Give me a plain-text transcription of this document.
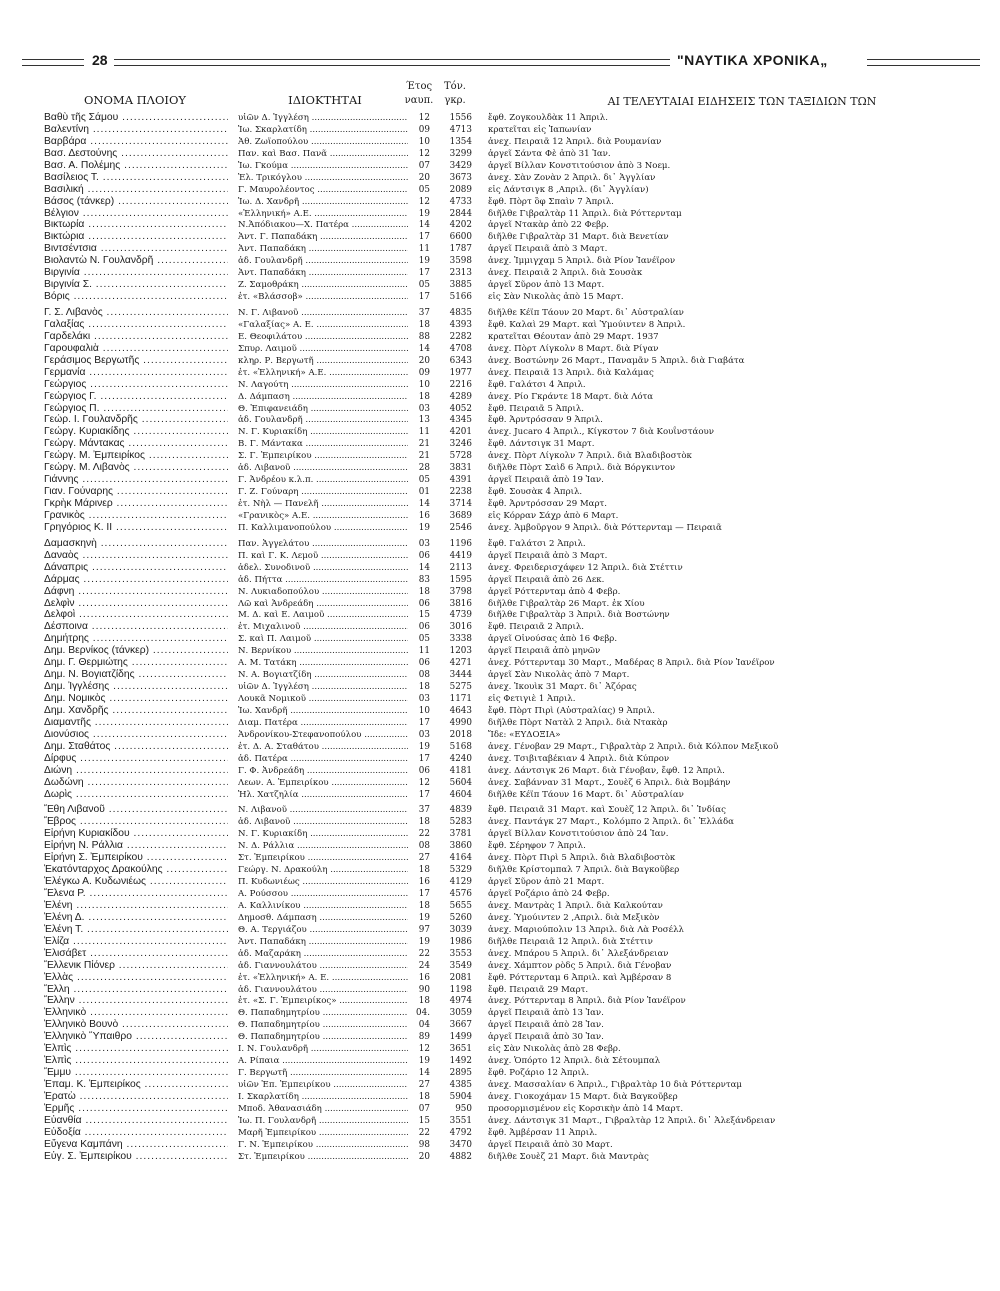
28	"ΝΑΥΤΙΚΑ ΧΡΟΝΙΚΑ„
ΟΝΟΜΑ ΠΛΟΙΟΥ	ΙΔΙΟΚΤΗΤΑΙ
Έτος ναυπ.
Τόν. γκρ.	ΑΙ ΤΕΛΕΥΤΑΙΑΙ ΕΙΔΗΣΕΙΣ ΤΩΝ ΤΑΞΙΔΙΩΝ ΤΩΝ
Βαθὺ τῆς Σάμου .....	υἱῶν Δ. Ἰγγλέση .....	12	1556 ἔφθ. Ζογκουλδὰκ 11 Ἀπριλ.
Βαλεντίνη .....	Ἰω. Σκαρλατίδη .....	09	4713 κρατεῖται εἰς Ἰαπωνίαν
Βαρβάρα .....	Ἀθ. Ζωϊοπούλου .....	10	1354 ἀνεχ. Πειραιᾶ 12 Ἀπριλ. διὰ Ρουμανίαν
Βασ. Δεστούνης .....	Παν. καὶ Βασ. Πανᾶ .....	12	3299 ἀργεῖ Σάντα Φὲ ἀπὸ 31 Ἰαν.
Βασ. Α. Πολέμης .....	Ἰω. Γκούμα .....	07	3429 ἀργεῖ Βίλλαν Κονστιτούσιον ἀπὸ 3 Νοεμ.
Βασίλειος Τ. .....	Ἐλ. Τρικόγλου .....	20	3673 ἀνεχ. Σὰν Ζονὰν 2 Ἀπριλ. δι᾽ Ἀγγλίαν
Βασιλική .....	Γ. Μαυρολέοντος .....	05	2089 εἰς Δάντσιγκ 8 ,Απριλ. (δι᾽ Ἀγγλίαν)
Βάσος (τάνκερ) .....	Ἰω. Δ. Χανδρῆ .....	12	4733 ἔφθ. Πὸρτ ὂφ Σπαὶν 7 Ἀπριλ.
Βέλγιον .....	«Ἑλληνική» Α.Ε. .....	19	2844 διῆλθε Γιβραλτὰρ 11 Ἀπριλ. διὰ Ρόττερνταμ
Βικτωρία .....	Ν.Ἀπόδιακου—Χ. Πατέρα .....	14	4202 ἀργεῖ Ντακὰρ ἀπὸ 22 Φεβρ.
Βικτώρια .....	Ἀντ. Γ. Παπαδάκη .....	17	6600 διῆλθε Γιβραλτὰρ 31 Μαρτ. διὰ Βενετίαν
Βιντσέντσια .....	Ἀντ. Παπαδάκη .....	11	1787 ἀργεῖ Πειραιᾶ ἀπὸ 3 Μαρτ.
Βιολαντὼ Ν. Γουλανδρῆ .....	ἀδ. Γουλανδρῆ .....	19	3598 ἀνεχ. Ἰμμιγχαμ 5 Ἀπριλ. διὰ Ρίον Ἰανέϊρον
Βιργινία .....	Ἀντ. Παπαδάκη .....	17	2313 ἀνεχ. Πειραιᾶ 2 Ἀπριλ. διὰ Σουσὰκ
Βιργινία Σ. .....	Ζ. Σαμοθράκη .....	05	3885 ἀργεῖ Σῦρον ἀπὸ 13 Μαρτ.
Βόρις .....	ἐτ. «Βλάσσοβ» .....	17	5166 εἰς Σὰν Νικολὰς ἀπὸ 15 Μαρτ.
Γ. Σ. Λιβανὸς .....	Ν. Γ. Λιβανοῦ .....	37	4835 διῆλθε Κέϊπ Τάουν 20 Μαρτ. δι᾽ Αὐστραλίαν
Γαλαξίας .....	«Γαλαξίας» Α. Ε. .....	18	4393 ἔφθ. Καλαὶ 29 Μαρτ. καὶ Ὑμούιντεν 8 Ἀπριλ.
Γαρδελάκι .....	Ε. Θεοφιλάτου .....	88	2282 κρατεῖται Θέουταν ἀπὸ 29 Μαρτ. 1937
Γαρουφαλιὰ .....	Σπυρ. Λαιμοῦ .....	14	4708 ἀνεχ. Πὸρτ Λίγκολν 8 Μαρτ. διὰ Ρίγαν
Γεράσιμος Βεργωτῆς .....	κληρ. Ρ. Βεργωτῆ .....	20	6343 ἀνεχ. Βοστώνην 26 Μαρτ., Παναμᾶν 5 Ἀπριλ. διὰ Γιαβάτα
Γερμανία .....	ἐτ. «Ἑλληνική» Α.Ε. .....	09	1977 ἀνεχ. Πειραιᾶ 13 Ἀπριλ. διὰ Καλάμας
Γεώργιος .....	Ν. Λαγούτη .....	10	2216 ἔφθ. Γαλάτσι 4 Ἀπριλ.
Γεώργιος Γ. .....	Δ. Δάμπαση .....	18	4289 ἀνεχ. Ρίο Γκράντε 18 Μαρτ. διὰ Λότα
Γεώργιος Π. .....	Θ. Ἐπιφανειάδη .....	03	4052 ἔφθ. Πειραιᾶ 5 Ἀπριλ.
Γεώρ. Ι. Γουλανδρῆς .....	ἀδ. Γουλανδρῆ .....	13	4345 ἔφθ. Ἀρντρόσσαν 9 Ἀπριλ.
Γεώργ. Κυριακίδης .....	Ν. Γ. Κυριακίδη .....	11	4201 ἀνεχ. Jucaro 4 Ἀπριλ., Κίγκστον 7 διὰ Κουΐνστάουν
Γεώργ. Μάντακας .....	Β. Γ. Μάντακα .....	21	3246 ἔφθ. Δάντσιγκ 31 Μαρτ.
Γεώργ. Μ. Ἐμπειρίκος .....	Σ. Γ. Ἐμπειρίκου .....	21	5728 ἀνεχ. Πὸρτ Λίγκολν 7 Ἀπριλ. διὰ Βλαδιβοστὸκ
Γεώργ. Μ. Λιβανὸς .....	ἀδ. Λιβανοῦ .....	28	3831 διῆλθε Πὸρτ Σαὶδ 6 Ἀπριλ. διὰ Βόργκιντον
Γιάννης .....	Γ. Ἀνδρέου κ.λ.π. .....	05	4391 ἀργεῖ Πειραιᾶ ἀπὸ 19 Ἰαν.
Γιαν. Γούναρης .....	Γ. Ζ. Γούναρη .....	01	2238 ἔφθ. Σουσὰκ 4 Ἀπριλ.
Γκρὴκ Μάρινερ .....	ἐτ. Νὴλ — Πανελῆ .....	14	3714 ἔφθ. Ἀρντρόσσαν 29 Μαρτ.
Γρανικὸς .....	«Γρανικὸς» Α.Ε. .....	16	3689 εἰς Κόρραν Σάχρ ἀπὸ 6 Μαρτ.
Γρηγόριος Κ. ΙΙ .....	Π. Καλλιμανοπούλου .....	19	2546 ἀνεχ. Ἀμβοῦργον 9 Ἀπριλ. διὰ Ρόττερνταμ — Πειραιᾶ
Δαμασκηνὴ .....	Παν. Ἀγγελάτου .....	03	1196 ἔφθ. Γαλάτσι 2 Ἀπριλ.
Δαναὸς .....	Π. καὶ Γ. Κ. Λεμοῦ .....	06	4419 ἀργεῖ Πειραιᾶ ἀπὸ 3 Μαρτ.
Δάναπρις .....	ἀδελ. Συνοδινοῦ .....	14	2113 ἀνεχ. Φρειδερισχάφεν 12 Ἀπριλ. διὰ Στέττιν
Δάρμας .....	ἀδ. Πήττα .....	83	1595 ἀργεῖ Πειραιᾶ ἀπὸ 26 Δεκ.
Δάφνη .....	Ν. Λυκιαδοπούλου .....	18	3798 ἀργεῖ Ρόττερνταμ ἀπὸ 4 Φεβρ.
Δελφὶν .....	Λῶ καὶ Ἀνδρεάδη .....	06	3816 διῆλθε Γιβραλτὰρ 26 Μαρτ. ἐκ Χίου
Δελφοὶ .....	Μ. Δ. καὶ Ε. Λαιμοῦ .....	15	4739 διῆλθε Γιβραλτὰρ 3 Ἀπριλ. διὰ Βοστώνην
Δέσποινα .....	ἐτ. Μιχαλινοῦ .....	06	3016 ἔφθ. Πειραιᾶ 2 Ἀπριλ.
Δημήτρης .....	Σ. καὶ Π. Λαιμοῦ .....	05	3338 ἀργεῖ Οἰνούσας ἀπὸ 16 Φεβρ.
Δημ. Βερνίκος (τάνκερ) .....	Ν. Βερνίκου .....	11	1203 ἀργεῖ Πειραιᾶ ἀπὸ μηνῶν
Δημ. Γ. Θερμιώτης .....	Α. Μ. Τατάκη .....	06	4271 ἀνεχ. Ρόττερνταμ 30 Μαρτ., Μαδέρας 8 Ἀπριλ. διὰ Ρίον Ἰανέϊρον
Δημ. Ν. Βογιατζίδης .....	Ν. Α. Βογιατζίδη .....	08	3444 ἀργεῖ Σὰν Νικολὰς ἀπὸ 7 Μαρτ.
Δημ. Ἰγγλέσης .....	υἱῶν Δ. Ἰγγλέση .....	18	5275 ἀνεχ. Ἰκουὶκ 31 Μαρτ. δι᾽ Ἀζόρας
Δημ. Νομικὸς .....	Λουκᾶ Νομικοῦ .....	03	1171 εἰς Φετιγιὲ 1 Ἀπριλ.
Δημ. Χανδρῆς .....	Ἰω. Χανδρῆ .....	10	4643 ἔφθ. Πὸρτ Πιρὶ (Αὐστραλίας) 9 Ἀπριλ.
Διαμαντῆς .....	Διαμ. Πατέρα .....	17	4990 διῆλθε Πὸρτ Νατὰλ 2 Ἀπριλ. διὰ Ντακὰρ
Διονύσιος .....	Ἀνδρονίκου-Στεφανοπούλου .....	03	2018 Ἴδε: «ΕΥΔΟΞΙΑ»
Δημ. Σταθάτος .....	ἐτ. Δ. Α. Σταθάτου .....	19	5168 ἀνεχ. Γένοβαν 29 Μαρτ., Γιβραλτὰρ 2 Ἀπριλ. διὰ Κόλπον Μεξικοῦ
Δίρφυς .....	ἀδ. Πατέρα .....	17	4240 ἀνεχ. Τσιβιταβέκιαν 4 Ἀπριλ. διὰ Κύπρον
Διώνη .....	Γ. Φ. Ἀνδρεάδη .....	06	4181 ἀνεχ. Δάντσιγκ 26 Μαρτ. διὰ Γένοβαν, ἔφθ. 12 Ἀπριλ.
Δωδώνη .....	Λεων. Α. Ἐμπειρίκου .....	12	5604 ἀνεχ. Σαβάνναν 31 Μαρτ., Σουὲζ 6 Ἀπριλ. διὰ Βομβάην
Δωρὶς .....	Ἡλ. Χατζηλία .....	17	4604 διῆλθε Κέϊπ Τάουν 16 Μαρτ. δι᾽ Αὐστραλίαν
Ἔθη Λιβανοῦ .....	Ν. Λιβανοῦ .....	37	4839 ἔφθ. Πειραιᾶ 31 Μαρτ. καὶ Σουὲζ 12 Ἀπριλ. δι᾽ Ἰνδίας
Ἔβρος .....	ἀδ. Λιβανοῦ .....	18	5283 ἀνεχ. Παντάγκ 27 Μαρτ., Κολόμπο 2 Ἀπριλ. δι᾽ Ἑλλάδα
Εἰρήνη Κυριακίδου .....	Ν. Γ. Κυριακίδη .....	22	3781 ἀργεῖ Βίλλαν Κονστιτούσιον ἀπὸ 24 Ἰαν.
Εἰρήνη Ν. Ράλλια .....	Ν. Δ. Ράλλια .....	08	3860 ἔφθ. Σέρηφον 7 Ἀπριλ.
Εἰρήνη Σ. Ἐμπειρίκου .....	Στ. Ἐμπειρίκου .....	27	4164 ἀνεχ. Πὸρτ Πιρὶ 5 Ἀπριλ. διὰ Βλαδιβοστὸκ
Ἑκατόνταρχος Δρακούλης .....	Γεώργ. Ν. Δρακούλη .....	18	5329 διῆλθε Κρίστομπαλ 7 Ἀπριλ. διὰ Βαγκοῦβερ
Ἐλέγκω Α. Κυδωνιέως .....	Π. Κυδωνιέως .....	16	4129 ἀργεῖ Σῦρον ἀπὸ 21 Μαρτ.
Ἔλενα Ρ. .....	Α. Ρούσσου .....	17	4576 ἀργεῖ Ροζάριο ἀπὸ 24 Φεβρ.
Ἑλένη .....	Α. Καλλινίκου .....	18	5655 ἀνεχ. Μαντρὰς 1 Ἀπριλ. διὰ Καλκούταν
Ἑλένη Δ. .....	Δημοσθ. Δάμπαση .....	19	5260 ἀνεχ. Ὑμούιντεν 2 ,Απριλ. διὰ Μεξικὸν
Ἑλένη Τ. .....	Θ. Α. Τεργιάζου .....	97	3039 ἀνεχ. Μαριούπολιν 13 Ἀπριλ. διὰ Λὰ Ροσέλλ
Ἐλίζα .....	Ἀντ. Παπαδάκη .....	19	1986 διῆλθε Πειραιᾶ 12 Ἀπριλ. διὰ Στέττιν
Ἐλισάβετ .....	ἀδ. Μαζαράκη .....	22	3553 ἀνεχ. Μπάρου 5 Ἀπριλ. δι᾽ Ἀλεξάνδρειαν
Ἕλλενικ Πἰόνερ .....	ἀδ. Γιαννουλάτου .....	24	3549 ἀνεχ. Χάμπτον ρὸδς 5 Ἀπριλ. διὰ Γένοβαν
Ἑλλὰς .....	ἐτ. «Ἑλληνική» Α. Ε. .....	16	2081 ἔφθ. Ρόττερνταμ 6 Ἀπριλ. καὶ Ἀμβέρσαν 8
Ἕλλη .....	ἀδ. Γιαννουλάτου .....	90	1198 ἔφθ. Πειραιᾶ 29 Μαρτ.
Ἕλλην .....	ἐτ. «Σ. Γ. Ἐμπειρίκος» .....	18	4974 ἀνεχ. Ρόττερνταμ 8 Ἀπριλ. διὰ Ρίον Ἰανέϊρον
Ἑλληνικὸ .....	Θ. Παπαδημητρίου .....	04.	3059 ἀργεῖ Πειραιᾶ ἀπὸ 13 Ἰαν.
Ἑλληνικὸ Βουνὸ .....	Θ. Παπαδημητρίου .....	04	3667 ἀργεῖ Πειραιᾶ ἀπὸ 28 Ἰαν.
Ἑλληνικὸ Ὕπαιθρο .....	Θ. Παπαδημητρίου .....	89	1499 ἀργεῖ Πειραιᾶ ἀπὸ 30 Ἰαν.
Ἐλπὶς .....	Ι. Ν. Γουλανδρῆ .....	12	3651 εἰς Σὰν Νικολὰς ἀπὸ 28 Φεβρ.
Ἐλπὶς .....	Α. Ρίπαια .....	19	1492 ἀνεχ. Ὁπόρτο 12 Ἀπριλ. διὰ Σέτουμπαλ
Ἔμμυ .....	Γ. Βεργωτῆ .....	14	2895 ἔφθ. Ροζάριο 12 Ἀπριλ.
Ἐπαμ. Κ. Ἐμπειρίκος .....	υἱῶν Ἐπ. Ἐμπειρίκου .....	27	4385 ἀνεχ. Μασσαλίαν 6 Ἀπριλ., Γιβραλτὰρ 10 διὰ Ρόττερνταμ
Ἐρατὼ .....	Ι. Σκαρλατίδη .....	18	5904 ἀνεχ. Γιοκοχάμαν 15 Μαρτ. διὰ Βαγκοῦβερ
Ἑρμῆς .....	Μποδ. Ἀθανασιάδη .....	07	950 προσορμισμένον εἰς Κορσικὴν ἀπὸ 14 Μαρτ.
Εὐανθία .....	Ἰω. Π. Γουλανδρῆ .....	15	3551 ἀνεχ. Δάντσιγκ 31 Μαρτ., Γιβραλτὰρ 12 Ἀπριλ. δι᾽ Ἀλεξάνδρειαν
Εὐδοξία .....	Μαρῆ Ἐμπειρίκου .....	22	4792 ἔφθ. Ἀμβέρσαν 11 Ἀπριλ.
Εὔγενα Καμπάνη .....	Γ. Ν. Ἐμπειρίκου .....	98	3470 ἀργεῖ Πειραιᾶ ἀπὸ 30 Μαρτ.
Εὐγ. Σ. Ἐμπειρίκου .....	Στ. Ἐμπειρίκου .....	20	4882 διῆλθε Σουὲζ 21 Μαρτ. διὰ Μαντρὰς
